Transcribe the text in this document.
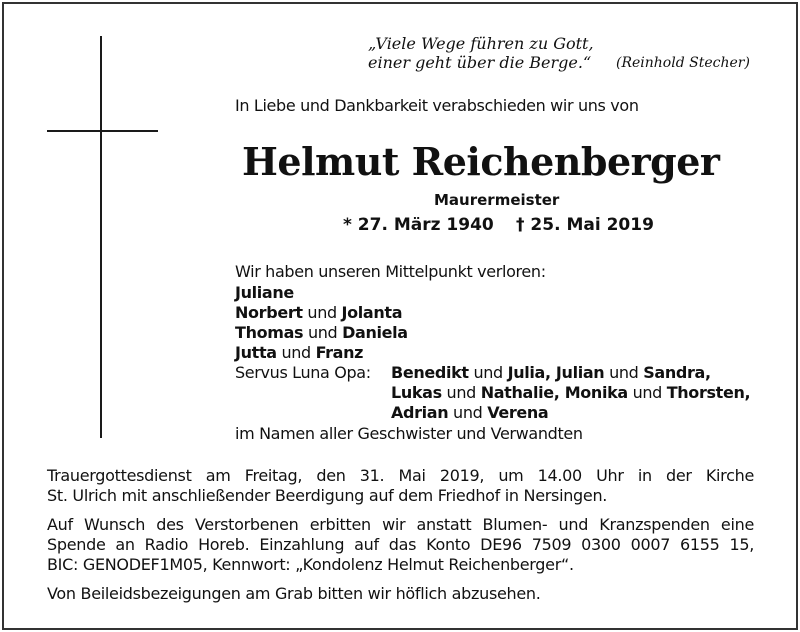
„Viele Wege führen zu Gott,
einer geht über die Berge.“ (Reinhold Stecher)
In Liebe und Dankbarkeit verabschieden wir uns von
Helmut Reichenberger
Maurermeister
* 27. März 1940 † 25. Mai 2019
Wir haben unseren Mittelpunkt verloren:
Juliane
Norbert und Jolanta
Thomas und Daniela
Jutta und Franz
Servus Luna Opa: Benedikt und Julia, Julian und Sandra,
Lukas und Nathalie, Monika und Thorsten,
Adrian und Verena
im Namen aller Geschwister und Verwandten
Trauergottesdienst am Freitag, den 31. Mai 2019, um 14.00 Uhr in der Kirche
St. Ulrich mit anschließender Beerdigung auf dem Friedhof in Nersingen.
Auf Wunsch des Verstorbenen erbitten wir anstatt Blumen- und Kranzspenden eine
Spende an Radio Horeb. Einzahlung auf das Konto DE96 7509 0300 0007 6155 15,
BIC: GENODEF1M05, Kennwort: „Kondolenz Helmut Reichenberger“.
Von Beileidsbezeigungen am Grab bitten wir höflich abzusehen.
